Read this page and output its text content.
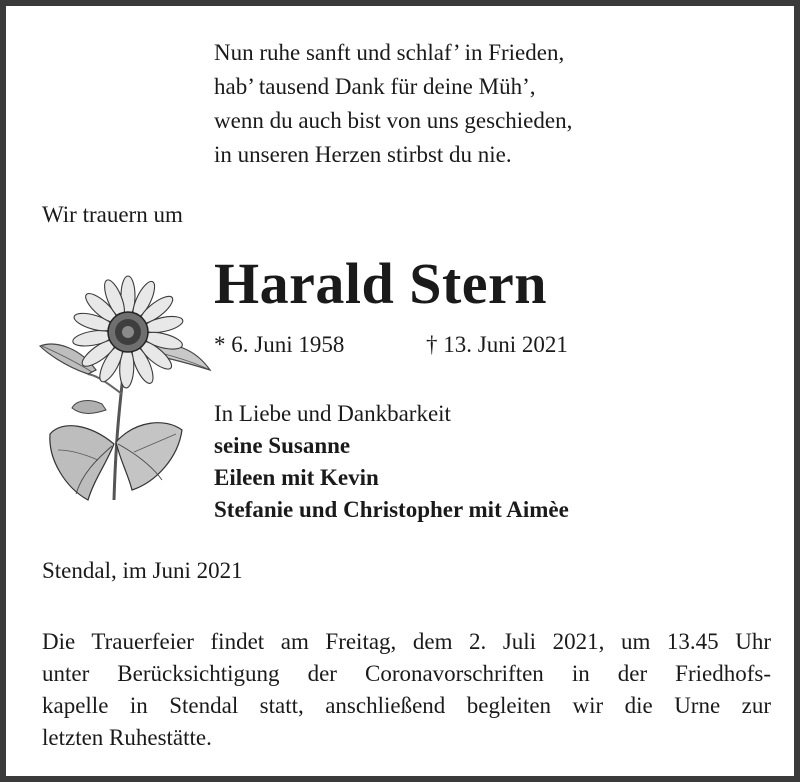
Nun ruhe sanft und schlaf’ in Frieden,
hab’ tausend Dank für deine Müh’,
wenn du auch bist von uns geschieden,
in unseren Herzen stirbst du nie.
Wir trauern um
Harald Stern
* 6. Juni 1958	† 13. Juni 2021
In Liebe und Dankbarkeit
seine Susanne
Eileen mit Kevin
Stefanie und Christopher mit Aimèe
Stendal, im Juni 2021
Die Trauerfeier findet am Freitag, dem 2. Juli 2021, um 13.45 Uhr
unter Berücksichtigung der Coronavorschriften in der Friedhofs-
kapelle in Stendal statt, anschließend begleiten wir die Urne zur
letzten Ruhestätte.
